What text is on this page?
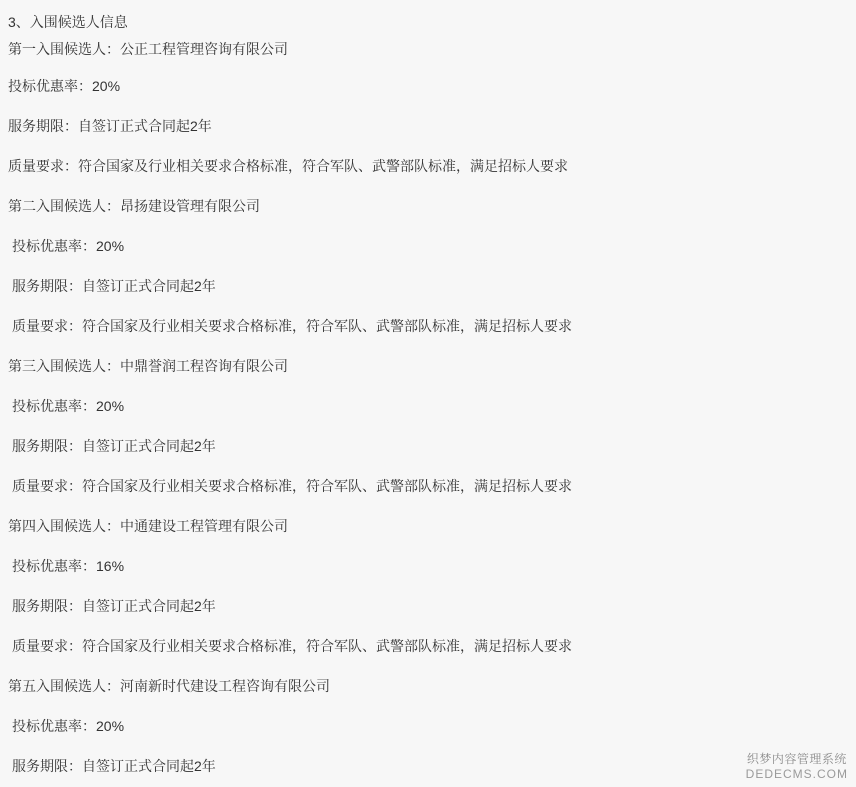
3、入围候选人信息
第一入围候选人：公正工程管理咨询有限公司
投标优惠率：20%
服务期限：自签订正式合同起2年
质量要求：符合国家及行业相关要求合格标准，符合军队、武警部队标准，满足招标人要求
第二入围候选人：昂扬建设管理有限公司
投标优惠率：20%
服务期限：自签订正式合同起2年
质量要求：符合国家及行业相关要求合格标准，符合军队、武警部队标准，满足招标人要求
第三入围候选人：中鼎誉润工程咨询有限公司
投标优惠率：20%
服务期限：自签订正式合同起2年
质量要求：符合国家及行业相关要求合格标准，符合军队、武警部队标准，满足招标人要求
第四入围候选人：中通建设工程管理有限公司
投标优惠率：16%
服务期限：自签订正式合同起2年
质量要求：符合国家及行业相关要求合格标准，符合军队、武警部队标准，满足招标人要求
第五入围候选人：河南新时代建设工程咨询有限公司
投标优惠率：20%
服务期限：自签订正式合同起2年	织梦内容管理系统
DEDECMS.COM
